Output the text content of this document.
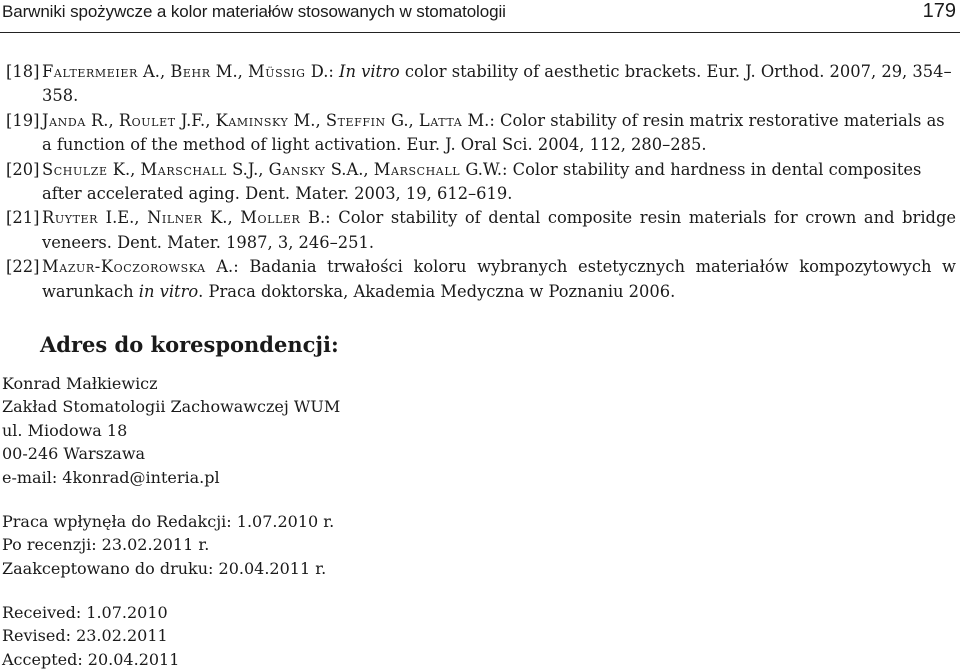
Barwniki spożywcze a kolor materiałów stosowanych w stomatologii	179

[18] Faltermeier A., Behr M., Müssig D.: In vitro color stability of aesthetic brackets. Eur. J. Orthod. 2007, 29, 354–358.

[19] Janda R., Roulet J.F., Kaminsky M., Steffin G., Latta M.: Color stability of resin matrix restorative materials as a function of the method of light activation. Eur. J. Oral Sci. 2004, 112, 280–285.

[20] Schulze K., Marschall S.J., Gansky S.A., Marschall G.W.: Color stability and hardness in dental composites after accelerated aging. Dent. Mater. 2003, 19, 612–619.

[21] Ruyter I.E., Nilner K., Moller B.: Color stability of dental composite resin materials for crown and bridge veneers. Dent. Mater. 1987, 3, 246–251.

[22] Mazur-Koczorowska A.: Badania trwałości koloru wybranych estetycznych materiałów kompozytowych w warunkach in vitro. Praca doktorska, Akademia Medyczna w Poznaniu 2006.

Adres do korespondencji:
Konrad Małkiewicz
Zakład Stomatologii Zachowawczej WUM
ul. Miodowa 18
00-246 Warszawa
e-mail: 4konrad@interia.pl
Praca wpłynęła do Redakcji: 1.07.2010 r.
Po recenzji: 23.02.2011 r.
Zaakceptowano do druku: 20.04.2011 r.
Received: 1.07.2010
Revised: 23.02.2011
Accepted: 20.04.2011
